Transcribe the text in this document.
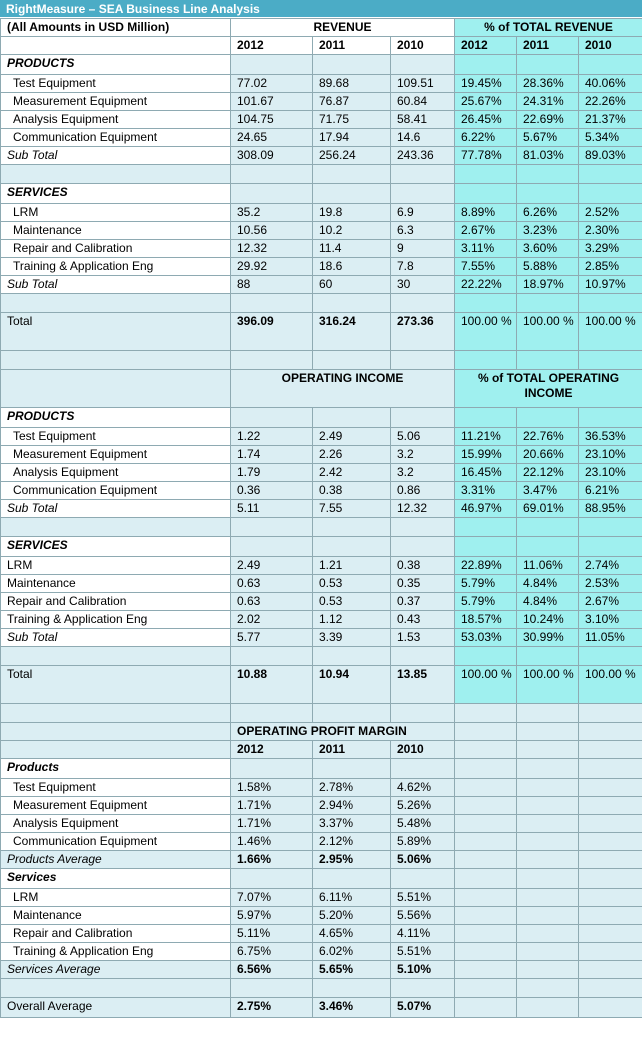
RightMeasure – SEA Business Line Analysis
(All Amounts in USD Million)	REVENUE			% of TOTAL REVENUE		
	2012	2011	2010	2012	2011	2010
PRODUCTS						
Test Equipment	77.02	89.68	109.51	19.45%	28.36%	40.06%
Measurement Equipment	101.67	76.87	60.84	25.67%	24.31%	22.26%
Analysis Equipment	104.75	71.75	58.41	26.45%	22.69%	21.37%
Communication Equipment	24.65	17.94	14.6	6.22%	5.67%	5.34%
Sub Total	308.09	256.24	243.36	77.78%	81.03%	89.03%

SERVICES						
LRM	35.2	19.8	6.9	8.89%	6.26%	2.52%
Maintenance	10.56	10.2	6.3	2.67%	3.23%	2.30%
Repair and Calibration	12.32	11.4	9	3.11%	3.60%	3.29%
Training & Application Eng	29.92	18.6	7.8	7.55%	5.88%	2.85%
Sub Total	88	60	30	22.22%	18.97%	10.97%

Total	396.09	316.24	273.36	100.00 %	100.00 %	100.00 %

	OPERATING INCOME			% of TOTAL OPERATING INCOME		
PRODUCTS						
Test Equipment	1.22	2.49	5.06	11.21%	22.76%	36.53%
Measurement Equipment	1.74	2.26	3.2	15.99%	20.66%	23.10%
Analysis Equipment	1.79	2.42	3.2	16.45%	22.12%	23.10%
Communication Equipment	0.36	0.38	0.86	3.31%	3.47%	6.21%
Sub Total	5.11	7.55	12.32	46.97%	69.01%	88.95%

SERVICES						
LRM	2.49	1.21	0.38	22.89%	11.06%	2.74%
Maintenance	0.63	0.53	0.35	5.79%	4.84%	2.53%
Repair and Calibration	0.63	0.53	0.37	5.79%	4.84%	2.67%
Training & Application Eng	2.02	1.12	0.43	18.57%	10.24%	3.10%
Sub Total	5.77	3.39	1.53	53.03%	30.99%	11.05%

Total	10.88	10.94	13.85	100.00 %	100.00 %	100.00 %

	OPERATING PROFIT MARGIN					
	2012	2011	2010			
Products						
Test Equipment	1.58%	2.78%	4.62%			
Measurement Equipment	1.71%	2.94%	5.26%			
Analysis Equipment	1.71%	3.37%	5.48%			
Communication Equipment	1.46%	2.12%	5.89%			
Products Average	1.66%	2.95%	5.06%			
Services						
LRM	7.07%	6.11%	5.51%			
Maintenance	5.97%	5.20%	5.56%			
Repair and Calibration	5.11%	4.65%	4.11%			
Training & Application Eng	6.75%	6.02%	5.51%			
Services Average	6.56%	5.65%	5.10%			

Overall Average	2.75%	3.46%	5.07%			
